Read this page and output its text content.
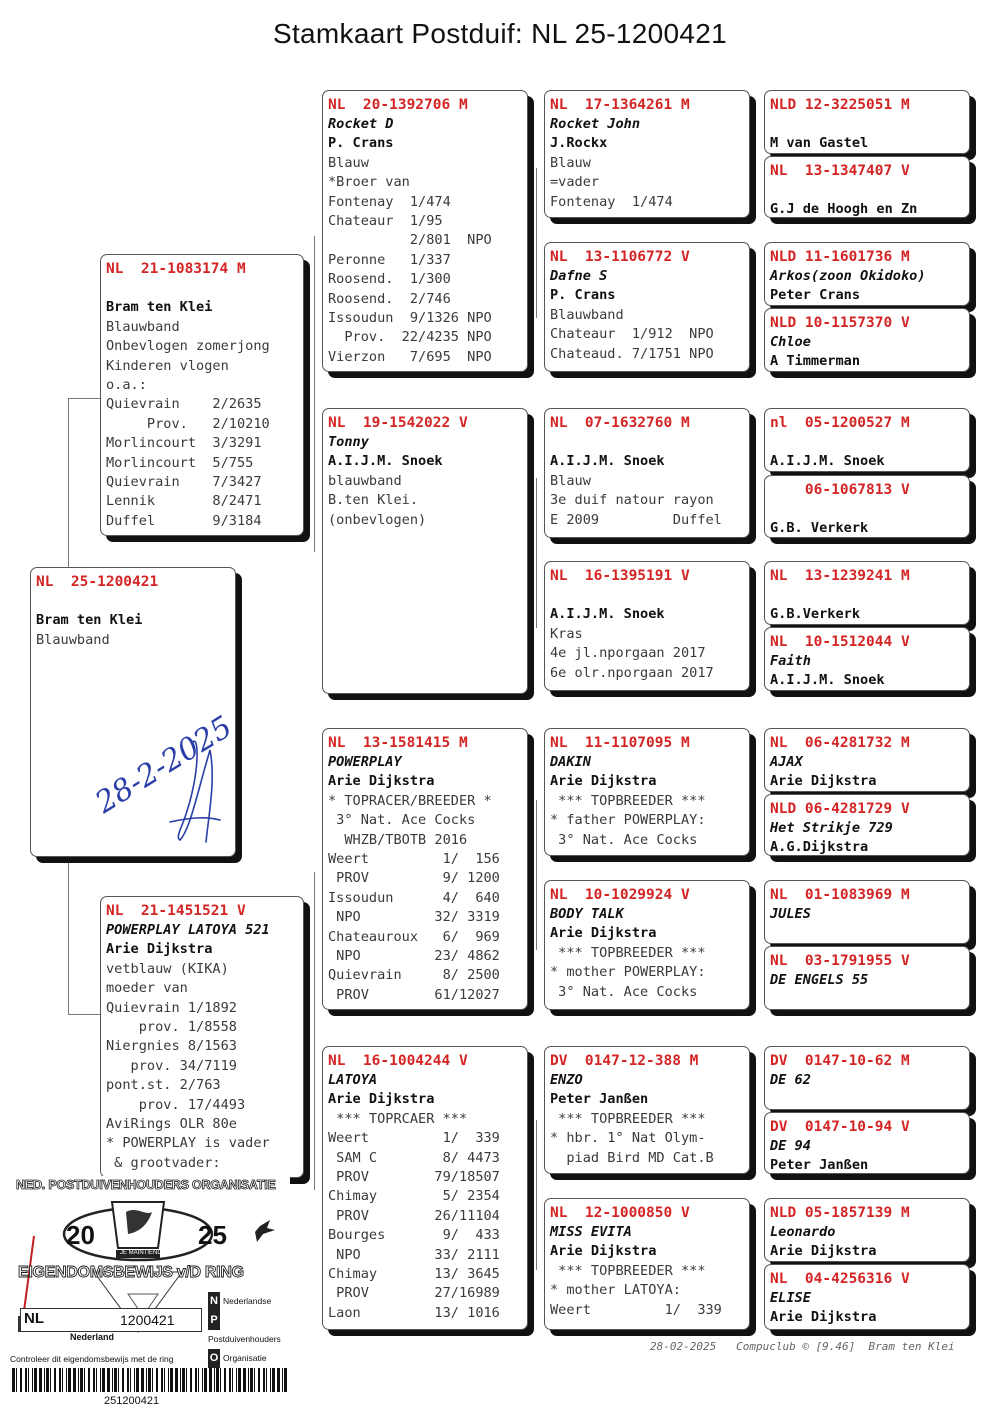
Stamkaart Postduif: NL 25-1200421
NL  25-1200421

Bram ten Klei
Blauwband
NL  21-1083174 M

Bram ten Klei
Blauwband
Onbevlogen zomerjong
Kinderen vlogen
o.a.:
Quievrain    2/2635
Prov.   2/10210
Morlincourt  3/3291
Morlincourt  5/755
Quievrain    7/3427
Lennik       8/2471
Duffel       9/3184
NL  21-1451521 V
POWERPLAY LATOYA 521
Arie Dijkstra
vetblauw (KIKA)
moeder van
Quievrain 1/1892
prov. 1/8558
Niergnies 8/1563
prov. 34/7119
pont.st. 2/763
prov. 17/4493
AviRings OLR 80e
* POWERPLAY is vader
& grootvader:
NL  20-1392706 M
Rocket D
P. Crans
Blauw
*Broer van
Fontenay  1/474
Chateaur  1/95
2/801  NPO
Peronne   1/337
Roosend.  1/300
Roosend.  2/746
Issoudun  9/1326 NPO
Prov.  22/4235 NPO
Vierzon   7/695  NPO
NL  19-1542022 V
Tonny
A.I.J.M. Snoek
blauwband
B.ten Klei.
(onbevlogen)
NL  13-1581415 M
POWERPLAY
Arie Dijkstra
* TOPRACER/BREEDER *
3° Nat. Ace Cocks
WHZB/TBOTB 2016
Weert         1/  156
PROV         9/ 1200
Issoudun      4/  640
NPO         32/ 3319
Chateauroux   6/  969
NPO         23/ 4862
Quievrain     8/ 2500
PROV        61/12027
NL  16-1004244 V
LATOYA
Arie Dijkstra
*** TOPRCAER ***
Weert         1/  339
SAM C        8/ 4473
PROV        79/18507
Chimay        5/ 2354
PROV        26/11104
Bourges       9/  433
NPO         33/ 2111
Chimay       13/ 3645
PROV        27/16989
Laon         13/ 1016
NL  17-1364261 M
Rocket John
J.Rockx
Blauw
=vader
Fontenay  1/474
NL  13-1106772 V
Dafne S
P. Crans
Blauwband
Chateaur  1/912  NPO
Chateaud. 7/1751 NPO
NL  07-1632760 M

A.I.J.M. Snoek
Blauw
3e duif natour rayon
E 2009         Duffel
NL  16-1395191 V

A.I.J.M. Snoek
Kras
4e jl.nporgaan 2017
6e olr.nporgaan 2017
NL  11-1107095 M
DAKIN
Arie Dijkstra
*** TOPBREEDER ***
* father POWERPLAY:
3° Nat. Ace Cocks
NL  10-1029924 V
BODY TALK
Arie Dijkstra
*** TOPBREEDER ***
* mother POWERPLAY:
3° Nat. Ace Cocks
DV  0147-12-388 M
ENZO
Peter Janßen
*** TOPBREEDER ***
* hbr. 1° Nat Olym-
piad Bird MD Cat.B
NL  12-1000850 V
MISS EVITA
Arie Dijkstra
*** TOPBREEDER ***
* mother LATOYA:
Weert         1/  339
NLD 12-3225051 M

M van Gastel
NL  13-1347407 V

G.J de Hoogh en Zn
NLD 11-1601736 M
Arkos(zoon Okidoko)
Peter Crans
NLD 10-1157370 V
Chloe
A Timmerman
nl  05-1200527 M

A.I.J.M. Snoek
06-1067813 V

G.B. Verkerk
NL  13-1239241 M

G.B.Verkerk
NL  10-1512044 V
Faith
A.I.J.M. Snoek
NL  06-4281732 M
AJAX
Arie Dijkstra
NLD 06-4281729 V
Het Strikje 729
A.G.Dijkstra
NL  01-1083969 M
JULES
NL  03-1791955 V
DE ENGELS 55
DV  0147-10-62 M
DE 62
DV  0147-10-94 V
DE 94
Peter Janßen
NLD 05-1857139 M
Leonardo
Arie Dijkstra
NL  04-4256316 V
ELISE
Arie Dijkstra
28-2-2025
28-02-2025   Compuclub © [9.46]  Bram ten Klei
NED. POSTDUIVENHOUDERS ORGANISATIE
20	25
JE MAINTIENDRAI
EIGENDOMSBEWIJS v/D RING
NL	1200421
Nederland
N Nederlandse
PPostduivenhouders
O Organisatie
Controleer dit eigendomsbewijs met de ring
251200421
